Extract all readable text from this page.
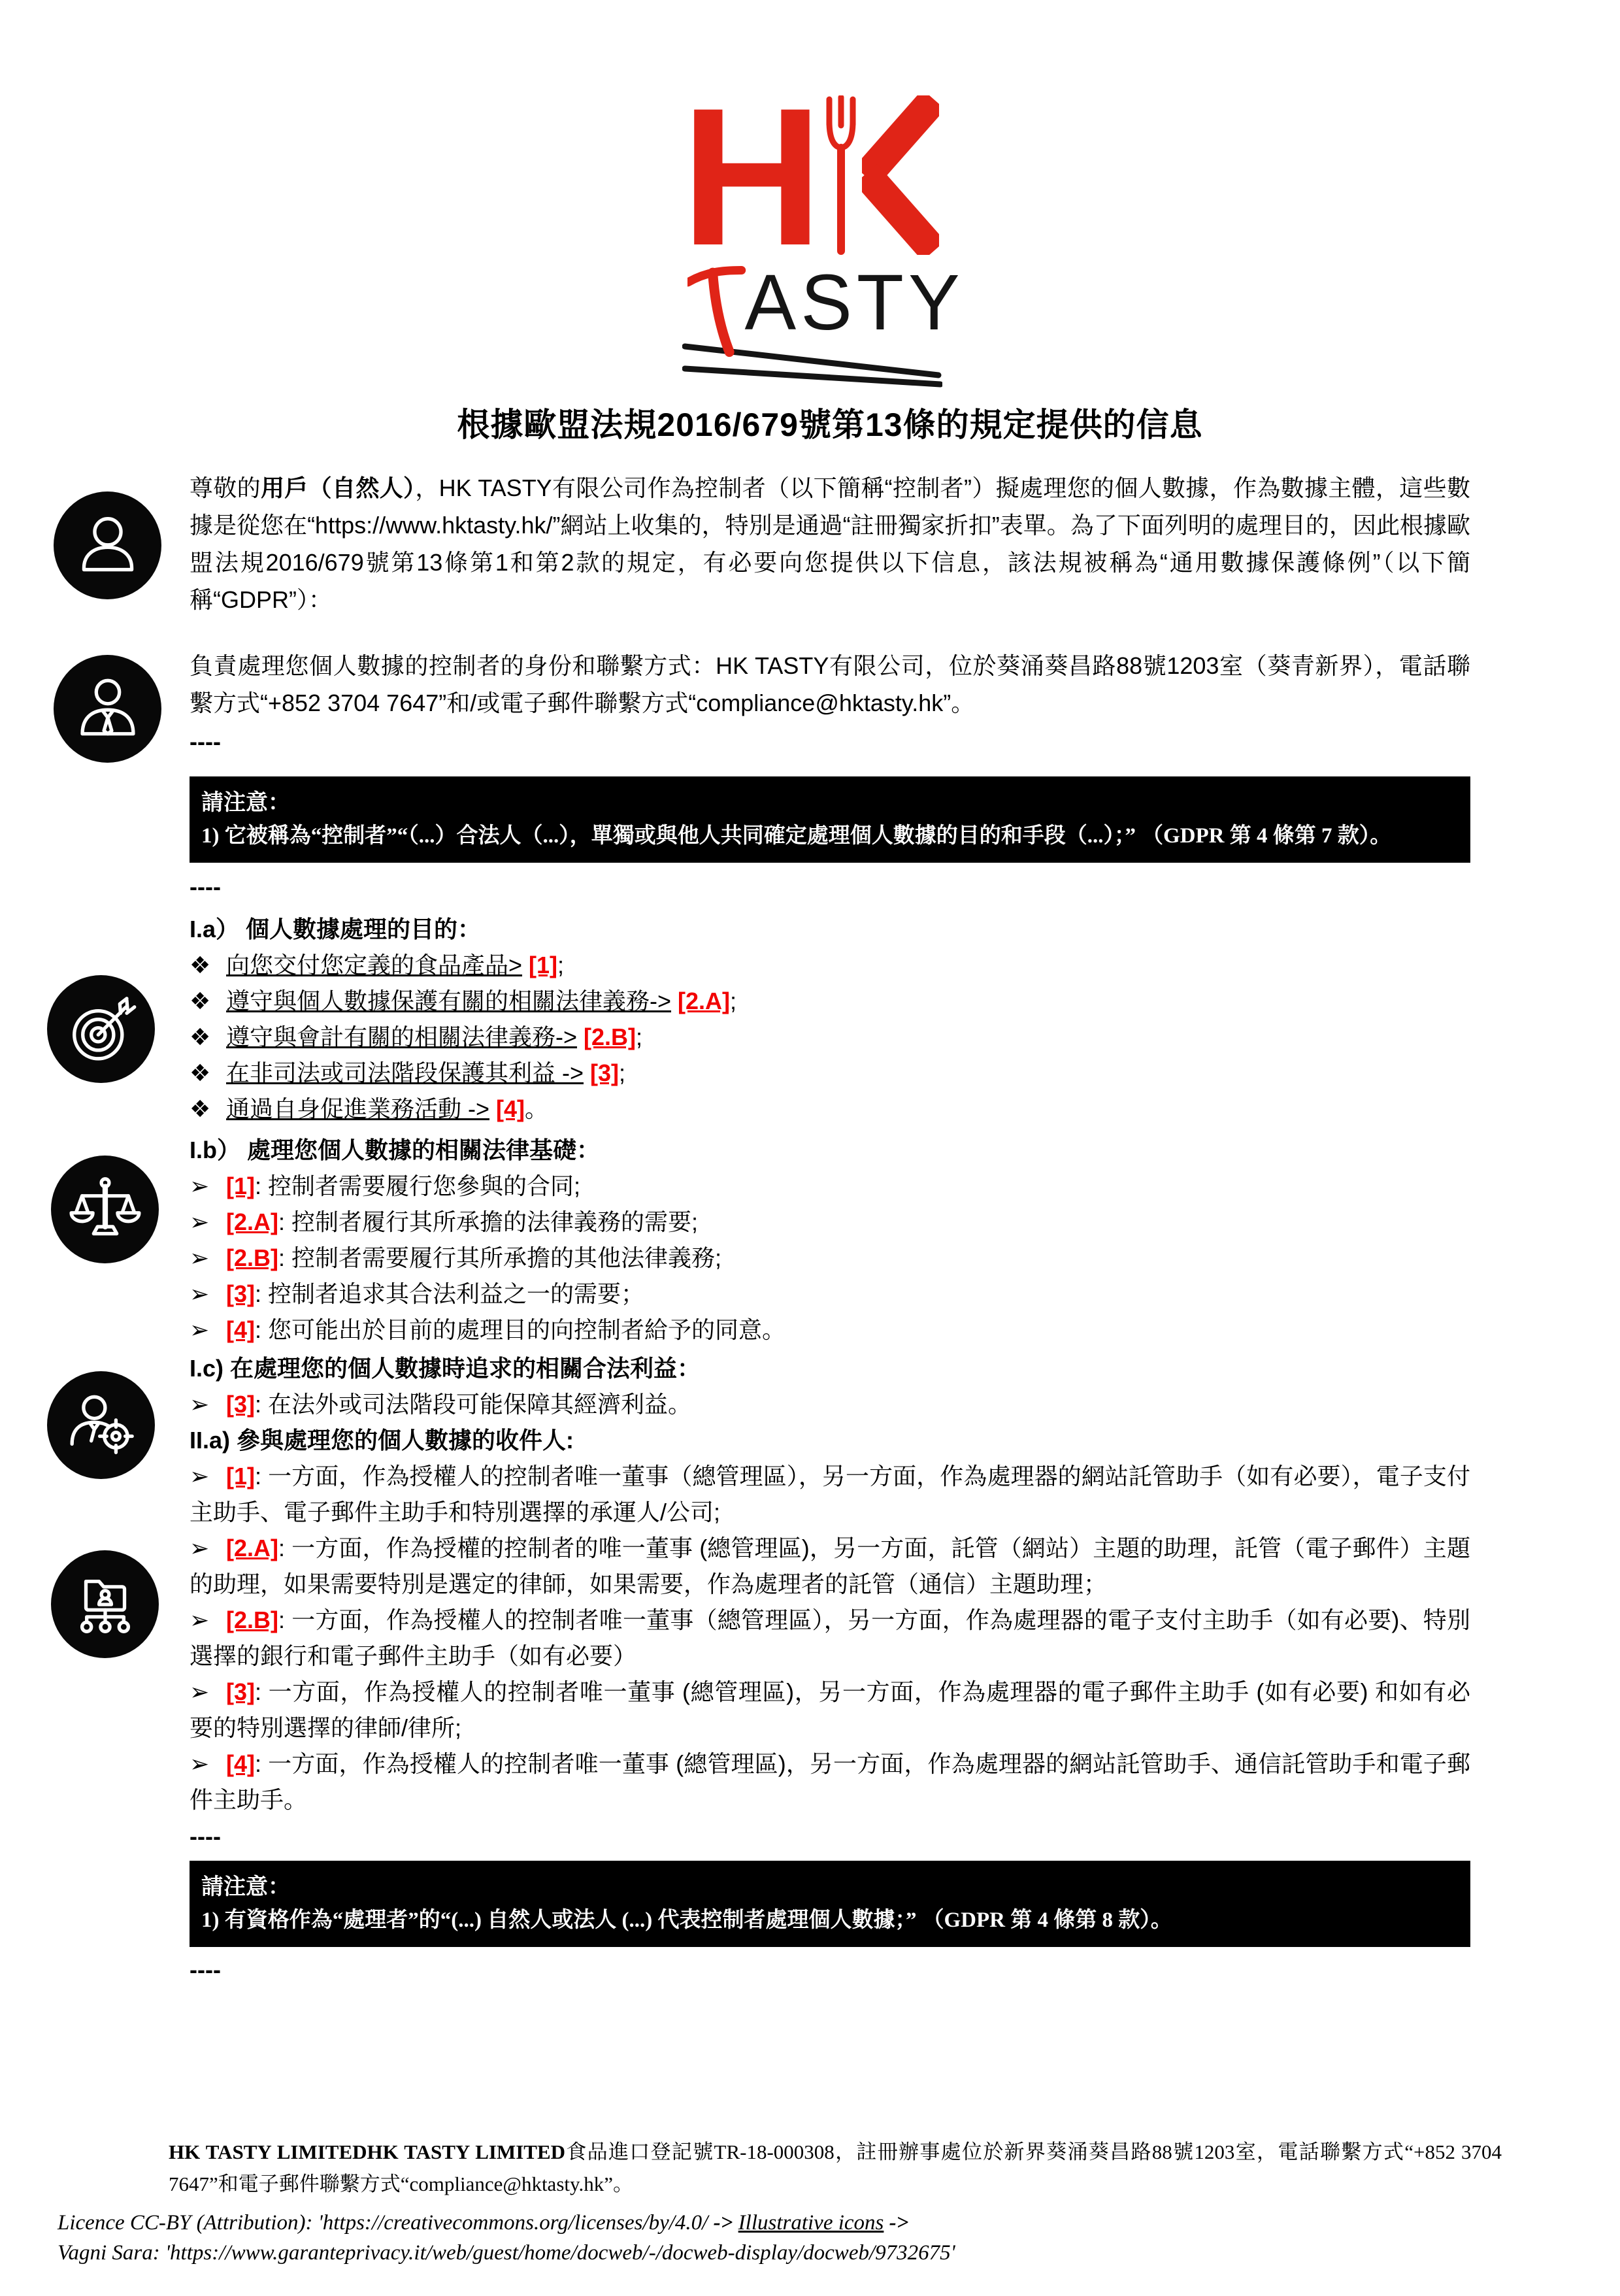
H
ASTY
根據歐盟法規2016/679號第13條的規定提供的信息
尊敬的用戶（自然人），HK TASTY有限公司作為控制者（以下簡稱“控制者”）擬處理您的個人數據，作為數據主體，這些數據是從您在“https://www.hktasty.hk/”網站上收集的，特別是通過“註冊獨家折扣”表單。為了下面列明的處理目的，因此根據歐盟法規2016/679號第13條第1和第2款的規定，有必要向您提供以下信息，該法規被稱為“通用數據保護條例”（以下簡稱“GDPR”）：
負責處理您個人數據的控制者的身份和聯繫方式：HK TASTY有限公司，位於葵涌葵昌路88號1203室（葵青新界），電話聯繫方式“+852 3704 7647”和/或電子郵件聯繫方式“compliance@hktasty.hk”。
----
請注意：
1) 它被稱為“控制者”“（...）合法人（...），單獨或與他人共同確定處理個人數據的目的和手段（...）；” （GDPR 第 4 條第 7 款）。
----
I.a） 個人數據處理的目的：
❖ 向您交付您定義的食品產品> [1];
❖ 遵守與個人數據保護有關的相關法律義務-> [2.A];
❖ 遵守與會計有關的相關法律義務-> [2.B];
❖ 在非司法或司法階段保護其利益 -> [3];
❖ 通過自身促進業務活動 -> [4]。
I.b） 處理您個人數據的相關法律基礎：
➢ [1]: 控制者需要履行您參與的合同;
➢ [2.A]: 控制者履行其所承擔的法律義務的需要;
➢ [2.B]: 控制者需要履行其所承擔的其他法律義務;
➢ [3]: 控制者追求其合法利益之一的需要；
➢ [4]: 您可能出於目前的處理目的向控制者給予的同意。
I.c) 在處理您的個人數據時追求的相關合法利益：
➢ [3]: 在法外或司法階段可能保障其經濟利益。
II.a) 參與處理您的個人數據的收件人:
➢ [1]: 一方面，作為授權人的控制者唯一董事（總管理區），另一方面，作為處理器的網站託管助手（如有必要），電子支付主助手、電子郵件主助手和特別選擇的承運人/公司;
➢ [2.A]: 一方面，作為授權的控制者的唯一董事 (總管理區)，另一方面，託管（網站）主題的助理，託管（電子郵件）主題的助理，如果需要特別是選定的律師，如果需要，作為處理者的託管（通信）主題助理；
➢ [2.B]: 一方面，作為授權人的控制者唯一董事（總管理區），另一方面，作為處理器的電子支付主助手（如有必要)、特別選擇的銀行和電子郵件主助手（如有必要）
➢ [3]: 一方面，作為授權人的控制者唯一董事 (總管理區)，另一方面，作為處理器的電子郵件主助手 (如有必要) 和如有必要的特別選擇的律師/律所;
➢ [4]: 一方面，作為授權人的控制者唯一董事 (總管理區)，另一方面，作為處理器的網站託管助手、通信託管助手和電子郵件主助手。
----
請注意：
1) 有資格作為“處理者”的“(...) 自然人或法人 (...) 代表控制者處理個人數據；” （GDPR 第 4 條第 8 款）。
----
HK TASTY LIMITEDHK TASTY LIMITED食品進口登記號TR-18-000308，註冊辦事處位於新界葵涌葵昌路88號1203室，電話聯繫方式“+852 3704 7647”和電子郵件聯繫方式“compliance@hktasty.hk”。
Licence CC-BY (Attribution): 'https://creativecommons.org/licenses/by/4.0/ -> Illustrative icons ->
Vagni Sara: 'https://www.garanteprivacy.it/web/guest/home/docweb/-/docweb-display/docweb/9732675'
